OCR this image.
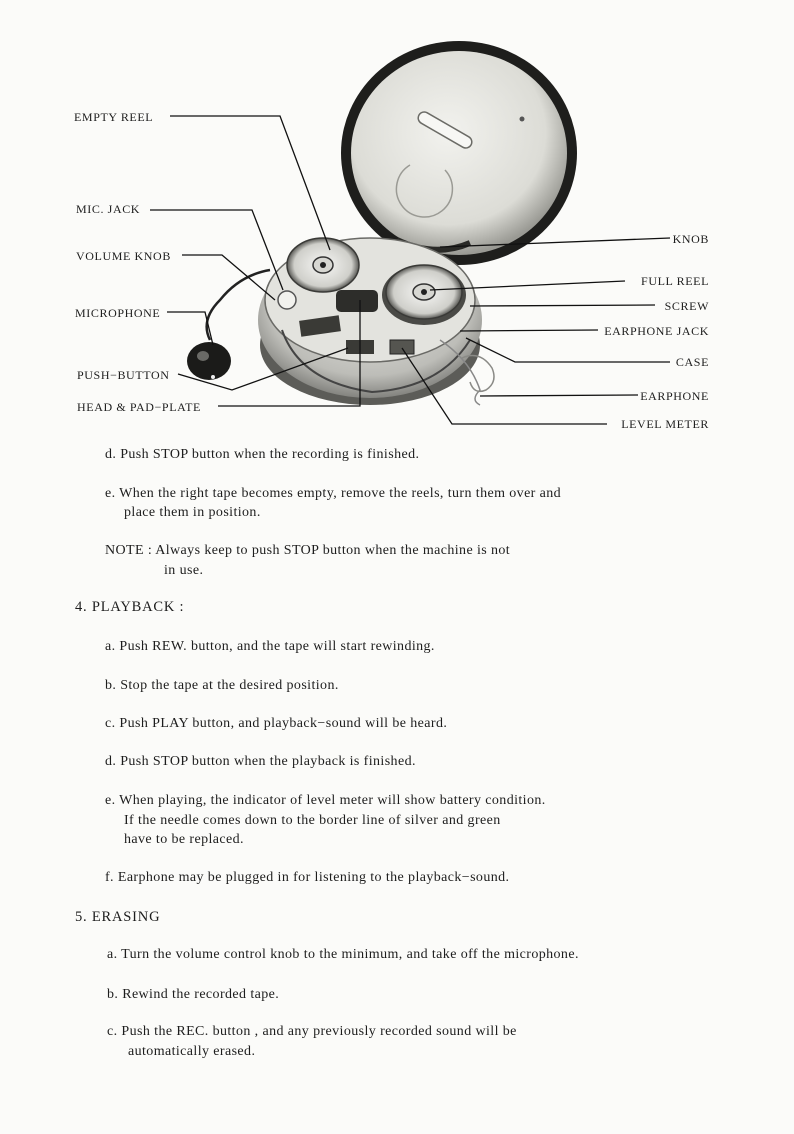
EMPTY REEL
MIC. JACK
VOLUME KNOB
MICROPHONE
PUSH−BUTTON
HEAD & PAD−PLATE
KNOB
FULL REEL
SCREW
EARPHONE JACK
CASE
EARPHONE
LEVEL METER
d. Push STOP button when the recording is finished.
e. When the right tape becomes empty, remove the reels, turn them over and
place them in position.
NOTE : Always keep to push STOP button when the machine is not
in use.
4. PLAYBACK :
a. Push REW. button, and the tape will start rewinding.
b. Stop the tape at the desired position.
c. Push PLAY button, and playback−sound will be heard.
d. Push STOP button when the playback is finished.
e. When playing, the indicator of level meter will show battery condition.
If the needle comes down to the border line of silver and green
have to be replaced.
f. Earphone may be plugged in for listening to the playback−sound.
5. ERASING
a. Turn the volume control knob to the minimum, and take off the microphone.
b. Rewind the recorded tape.
c. Push the REC. button , and any previously recorded sound will be
automatically erased.
